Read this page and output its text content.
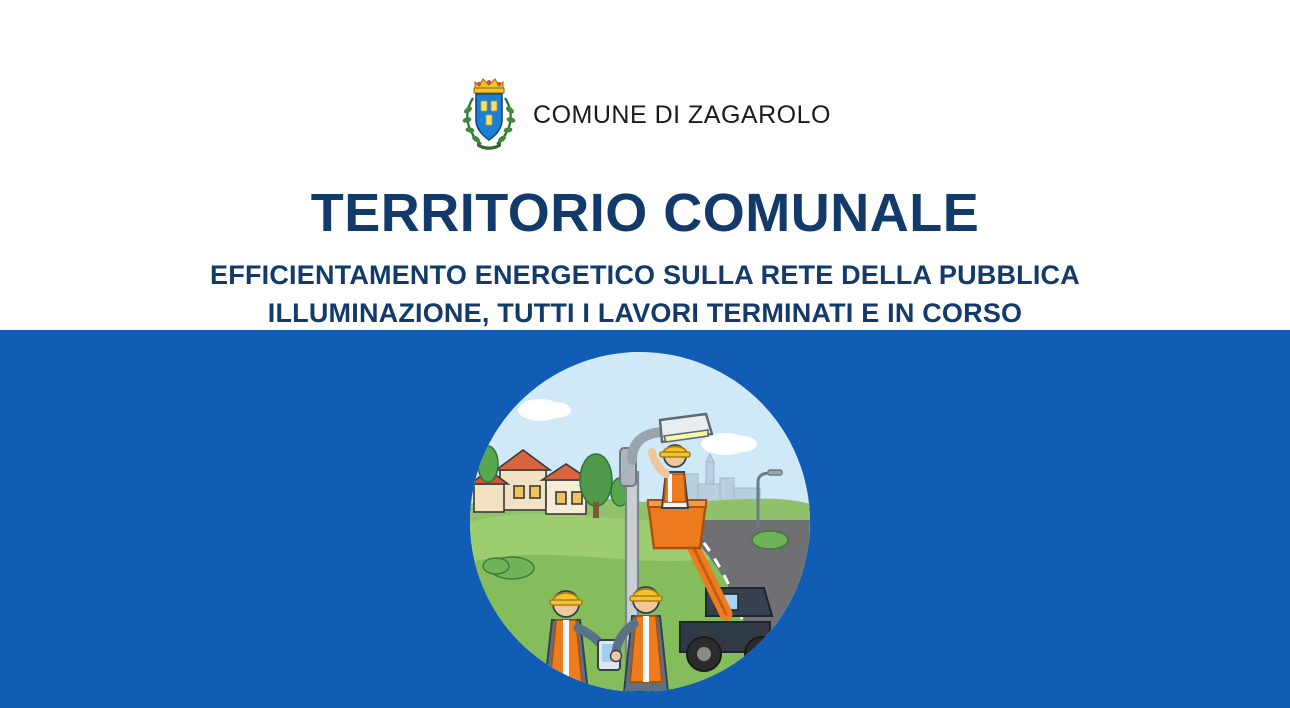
COMUNE DI ZAGAROLO
TERRITORIO COMUNALE
EFFICIENTAMENTO ENERGETICO SULLA RETE DELLA PUBBLICA
ILLUMINAZIONE, TUTTI I LAVORI TERMINATI E IN CORSO
